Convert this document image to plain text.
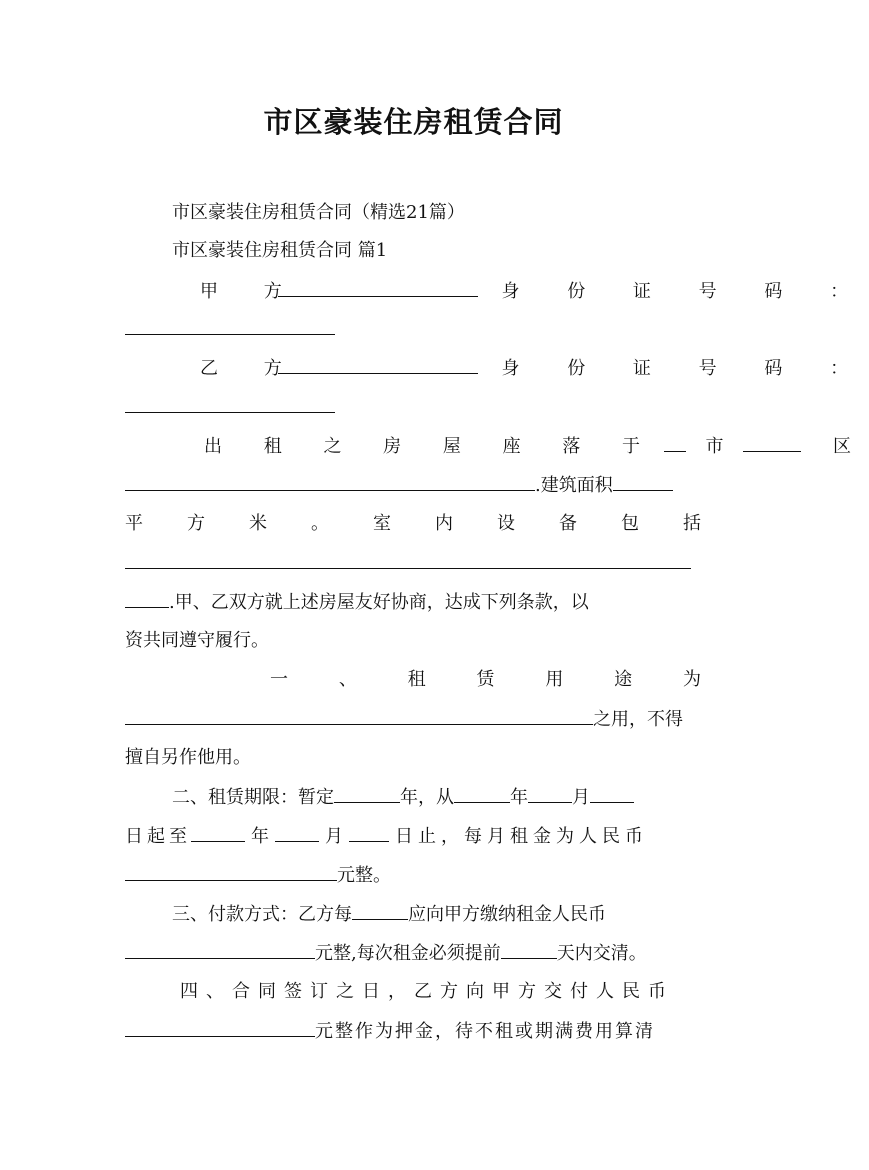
市区豪装住房租赁合同
市区豪装住房租赁合同（精选21篇）
市区豪装住房租赁合同 篇1
甲 方	身 份 证 号 码 ：
乙 方	身 份 证 号 码 ：
出 租 之 房 屋 座 落 于	市	区
.建筑面积
平 方 米 。 室 内 设 备 包 括
.甲、乙双方就上述房屋友好协商，达成下列条款，以
资共同遵守履行。
一	、	租	赁	用	途	为
之用，不得
擅自另作他用。
二、租赁期限：暂定	年，从	年 月
日起至	年	月	日止，每月租金为人民币
元整。
三、付款方式：乙方每	应向甲方缴纳租金人民币
元整,每次租金必须提前	天内交清。
四、合同签订之日，乙方向甲方交付人民币
元整作为押金，待不租或期满费用算清
